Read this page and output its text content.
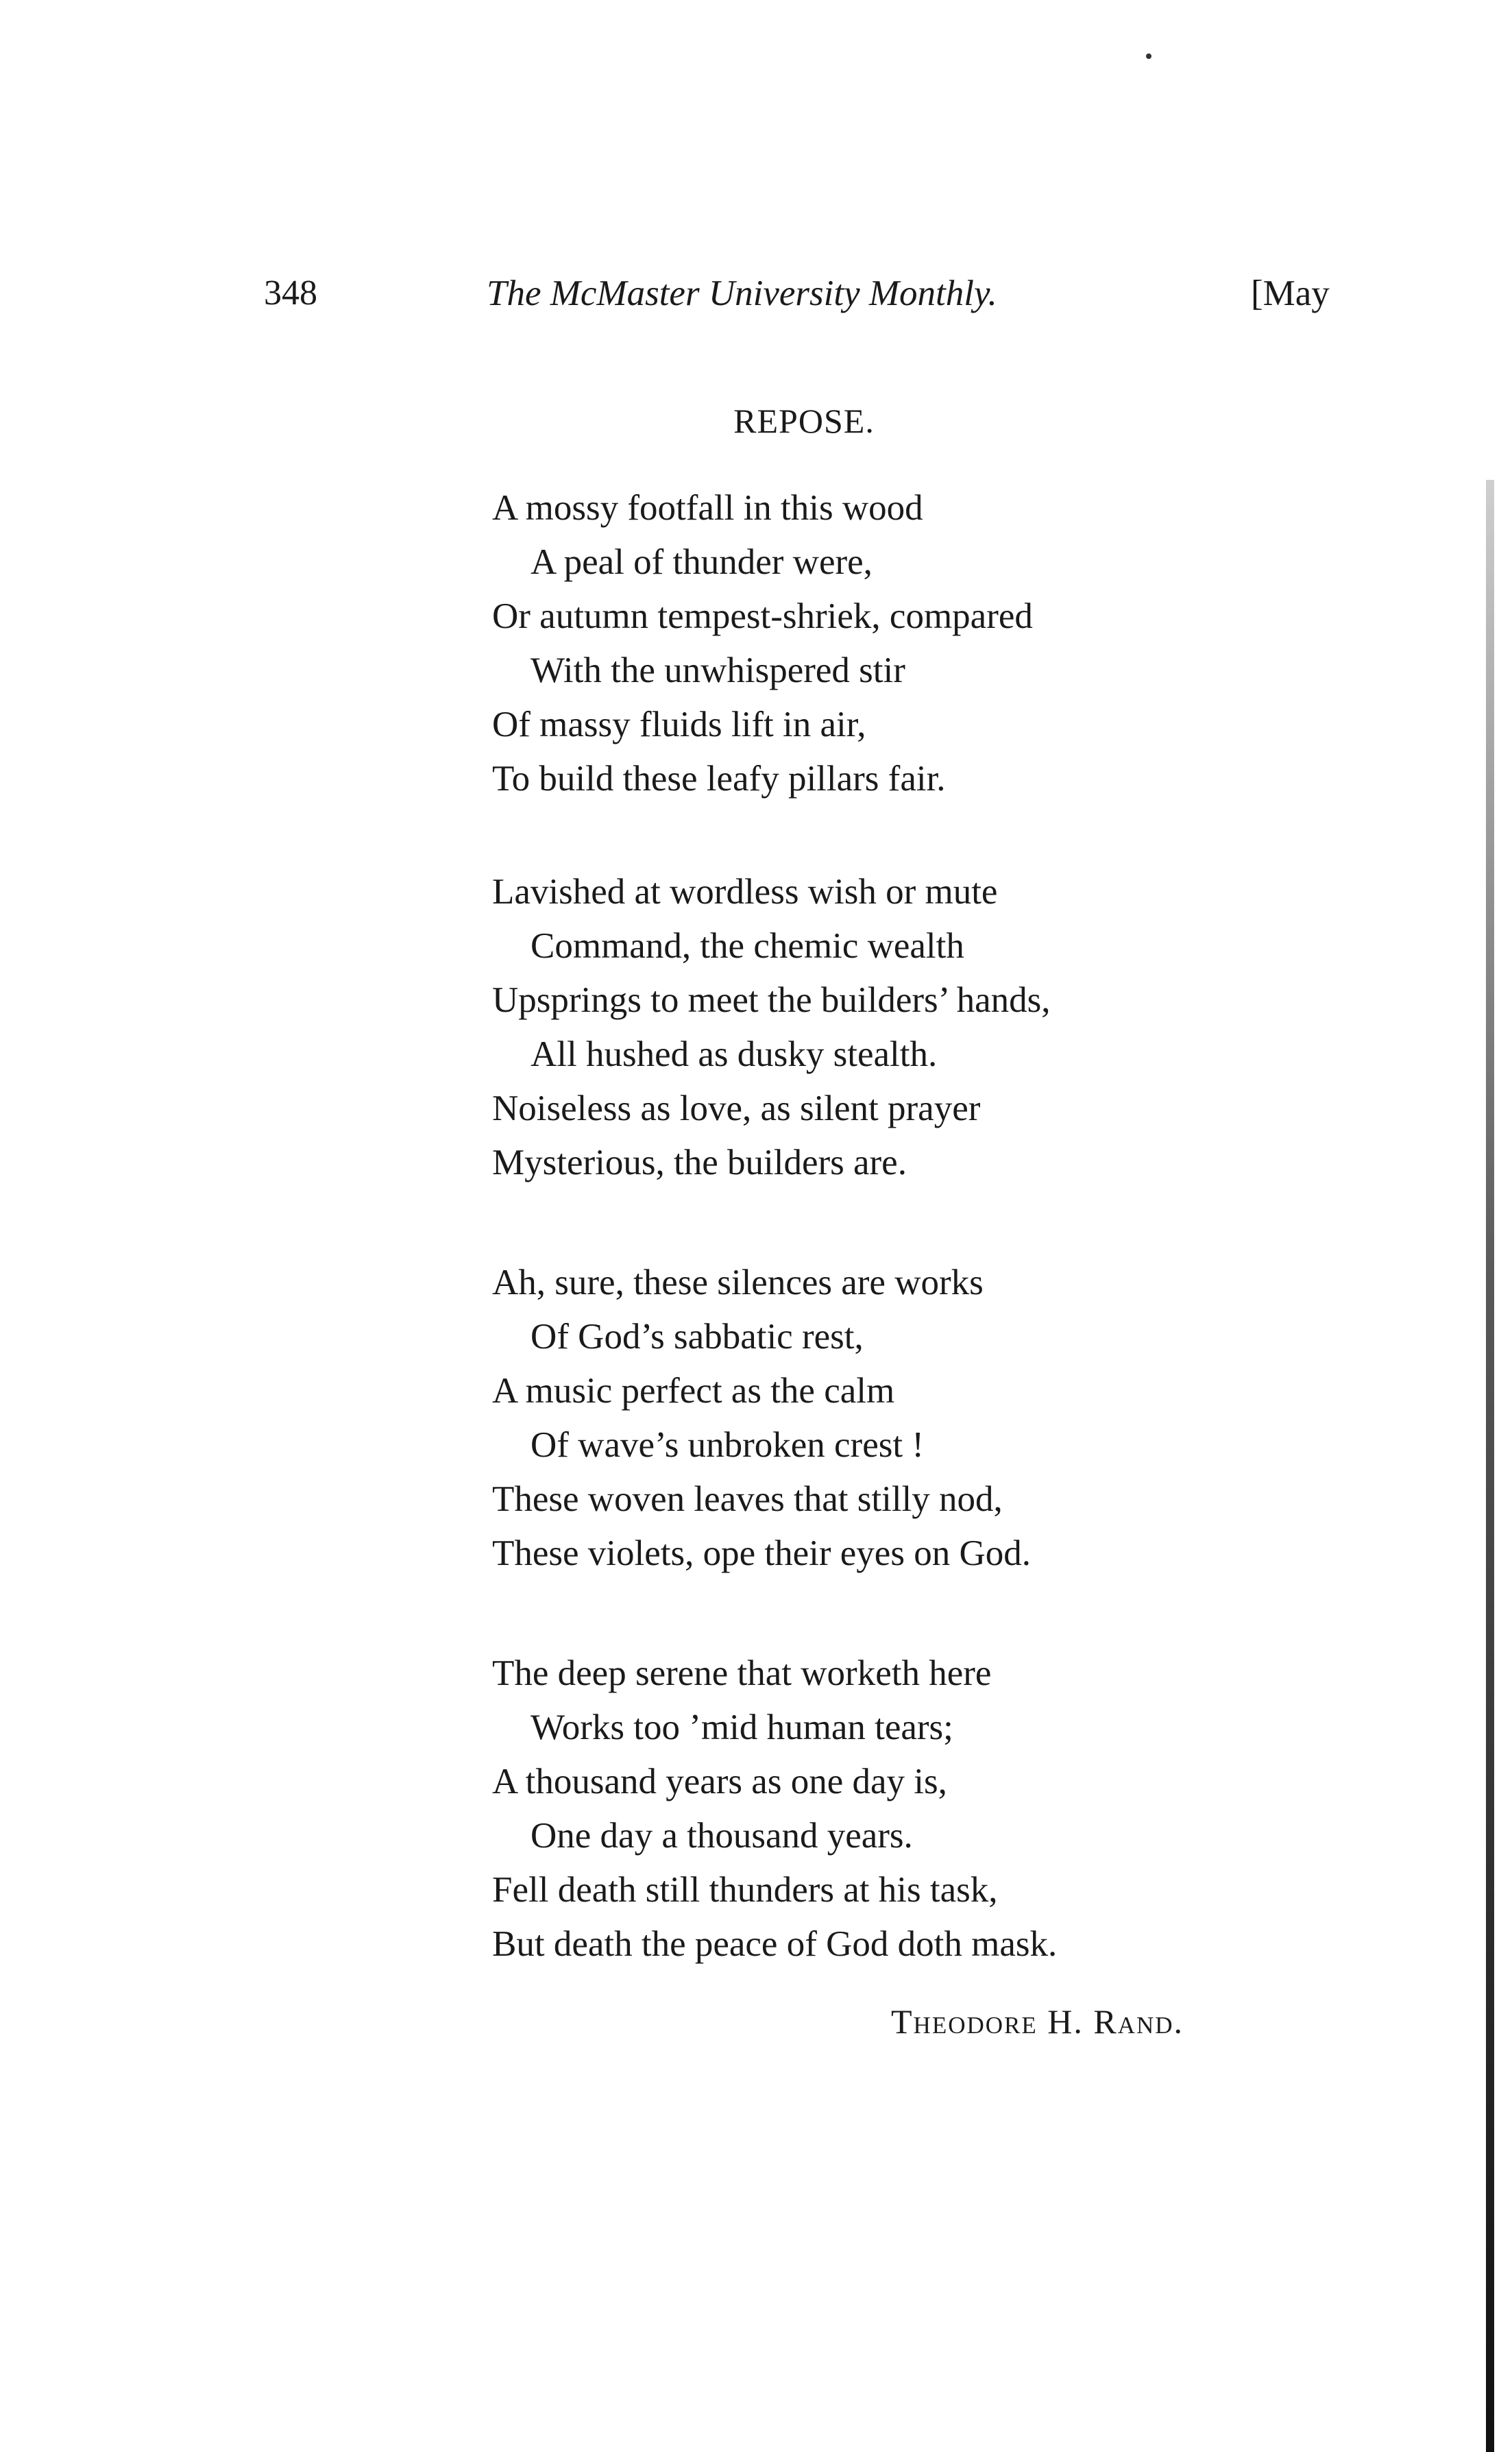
348	The McMaster University Monthly.	[May
REPOSE.
A mossy footfall in this wood
A peal of thunder were,
Or autumn tempest-shriek, compared
With the unwhispered stir
Of massy fluids lift in air,
To build these leafy pillars fair.
Lavished at wordless wish or mute
Command, the chemic wealth
Upsprings to meet the builders’ hands,
All hushed as dusky stealth.
Noiseless as love, as silent prayer
Mysterious, the builders are.
Ah, sure, these silences are works
Of God’s sabbatic rest,
A music perfect as the calm
Of wave’s unbroken crest !
These woven leaves that stilly nod,
These violets, ope their eyes on God.
The deep serene that worketh here
Works too ’mid human tears;
A thousand years as one day is,
One day a thousand years.
Fell death still thunders at his task,
But death the peace of God doth mask.
Theodore H. Rand.
